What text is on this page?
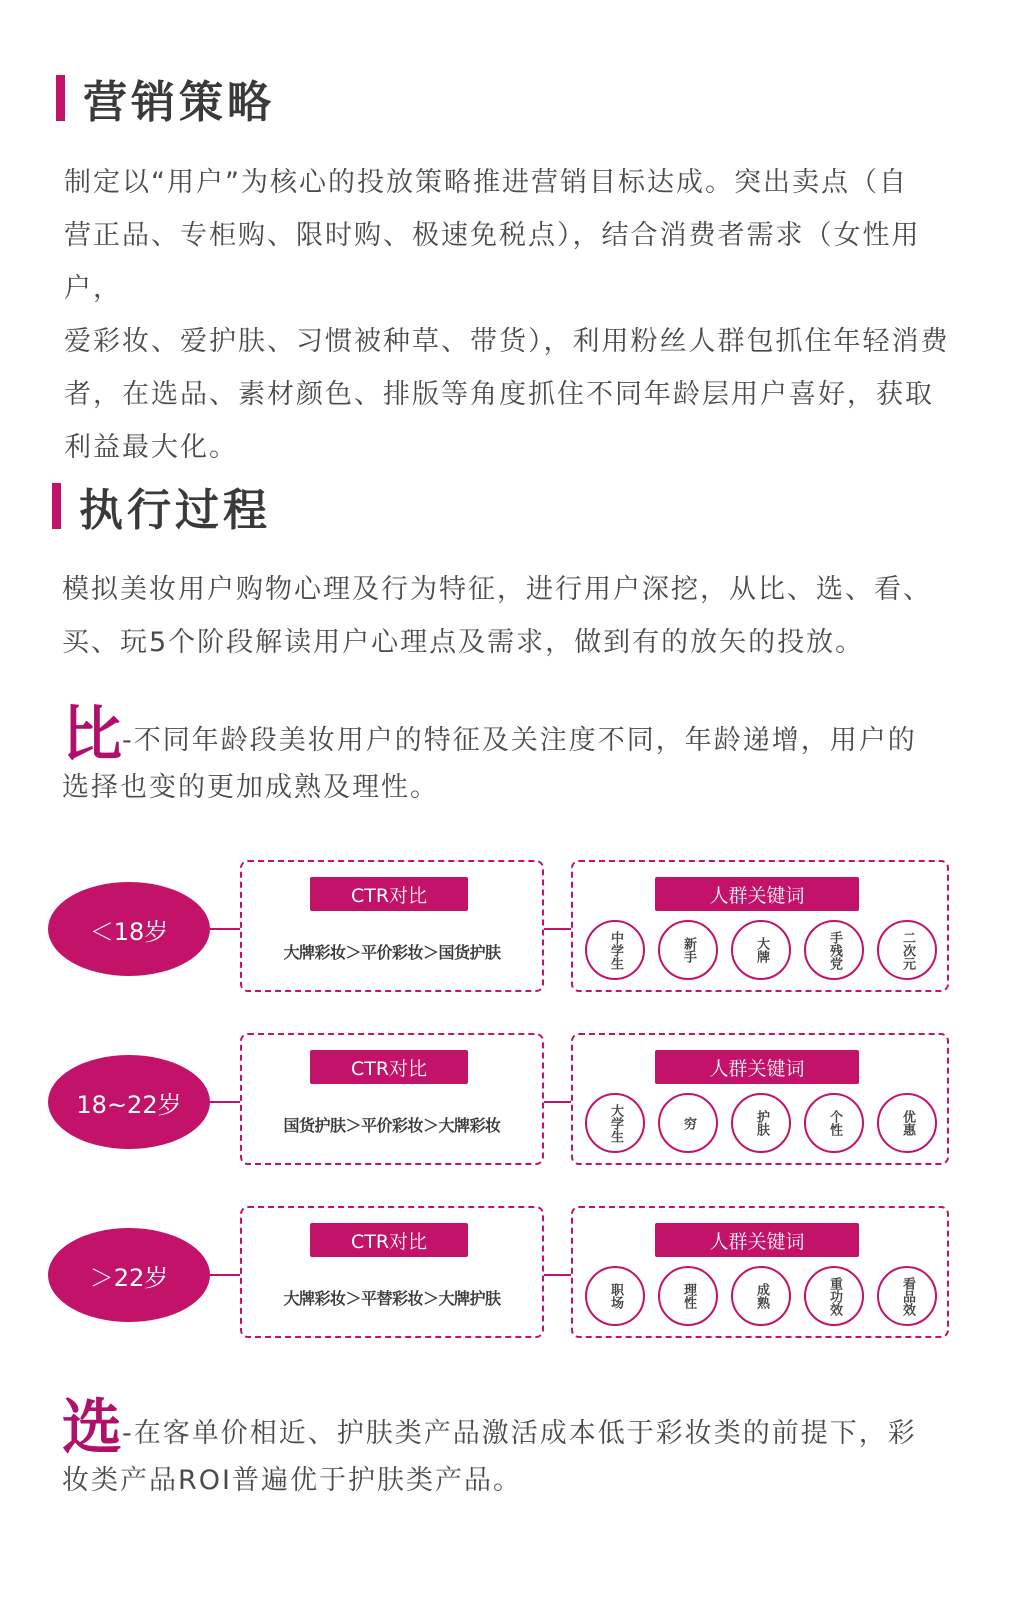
营销策略
制定以“用户”为核心的投放策略推进营销目标达成。突出卖点（自
营正品、专柜购、限时购、极速免税点），结合消费者需求（女性用户，
爱彩妆、爱护肤、习惯被种草、带货），利用粉丝人群包抓住年轻消费
者，在选品、素材颜色、排版等角度抓住不同年龄层用户喜好，获取
利益最大化。
执行过程
模拟美妆用户购物心理及行为特征，进行用户深挖，从比、选、看、
买、玩5个阶段解读用户心理点及需求，做到有的放矢的投放。
比-不同年龄段美妆用户的特征及关注度不同，年龄递增，用户的
选择也变的更加成熟及理性。
＜18岁
CTR对比
大牌彩妆＞平价彩妆＞国货护肤
人群关键词
中学生	新手	大牌	手残党	二次元
18~22岁
CTR对比
国货护肤＞平价彩妆＞大牌彩妆
人群关键词
大学生	穷	护肤	个性	优惠
＞22岁
CTR对比
大牌彩妆＞平替彩妆＞大牌护肤
人群关键词
职场	理性	成熟	重功效	看品效
选-在客单价相近、护肤类产品激活成本低于彩妆类的前提下，彩
妆类产品ROI普遍优于护肤类产品。
